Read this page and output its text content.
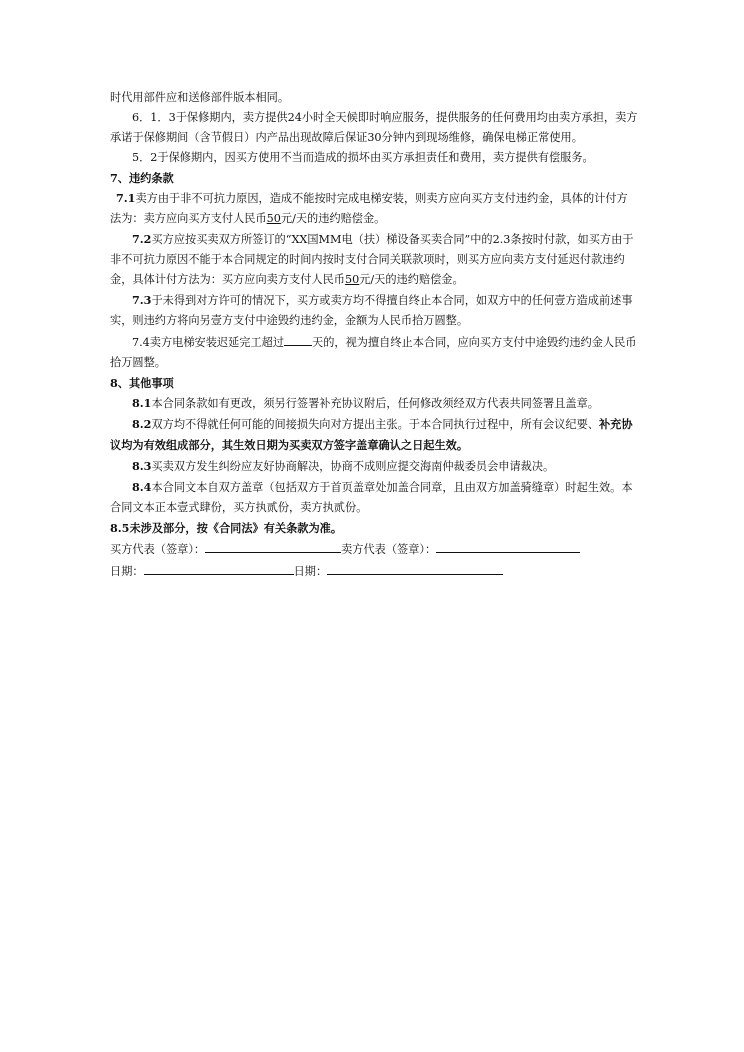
时代用部件应和送修部件版本相同。

6．1．3于保修期内，卖方提供24小时全天候即时响应服务，提供服务的任何费用均由卖方承担，卖方承诺于保修期间（含节假日）内产品出现故障后保证30分钟内到现场维修，确保电梯正常使用。

5．2于保修期内，因买方使用不当而造成的损坏由买方承担责任和费用，卖方提供有偿服务。

7、违约条款

7.1卖方由于非不可抗力原因，造成不能按时完成电梯安装，则卖方应向买方支付违约金，具体的计付方法为：卖方应向买方支付人民币50元/天的违约赔偿金。

7.2买方应按买卖双方所签订的“XX国MM电（扶）梯设备买卖合同”中的2.3条按时付款，如买方由于非不可抗力原因不能于本合同规定的时间内按时支付合同关联款项时，则买方应向卖方支付延迟付款违约金，具体计付方法为：买方应向卖方支付人民币50元/天的违约赔偿金。

7.3于未得到对方许可的情况下，买方或卖方均不得擅自终止本合同，如双方中的任何壹方造成前述事实，则违约方将向另壹方支付中途毁约违约金，金额为人民币拾万圆整。

7.4卖方电梯安装迟延完工超过	天的，视为擅自终止本合同，应向买方支付中途毁约违约金人民币拾万圆整。

8、其他事项

8.1本合同条款如有更改，须另行签署补充协议附后，任何修改须经双方代表共同签署且盖章。

8.2双方均不得就任何可能的间接损失向对方提出主张。于本合同执行过程中，所有会议纪要、补充协议均为有效组成部分，其生效日期为买卖双方签字盖章确认之日起生效。

8.3买卖双方发生纠纷应友好协商解决，协商不成则应提交海南仲裁委员会申请裁决。

8.4本合同文本自双方盖章（包括双方于首页盖章处加盖合同章，且由双方加盖骑缝章）时起生效。本合同文本正本壹式肆份，买方执贰份，卖方执贰份。

8.5未涉及部分，按《合同法》有关条款为准。

买方代表（签章）：	卖方代表（签章）：
日期：	日期：
